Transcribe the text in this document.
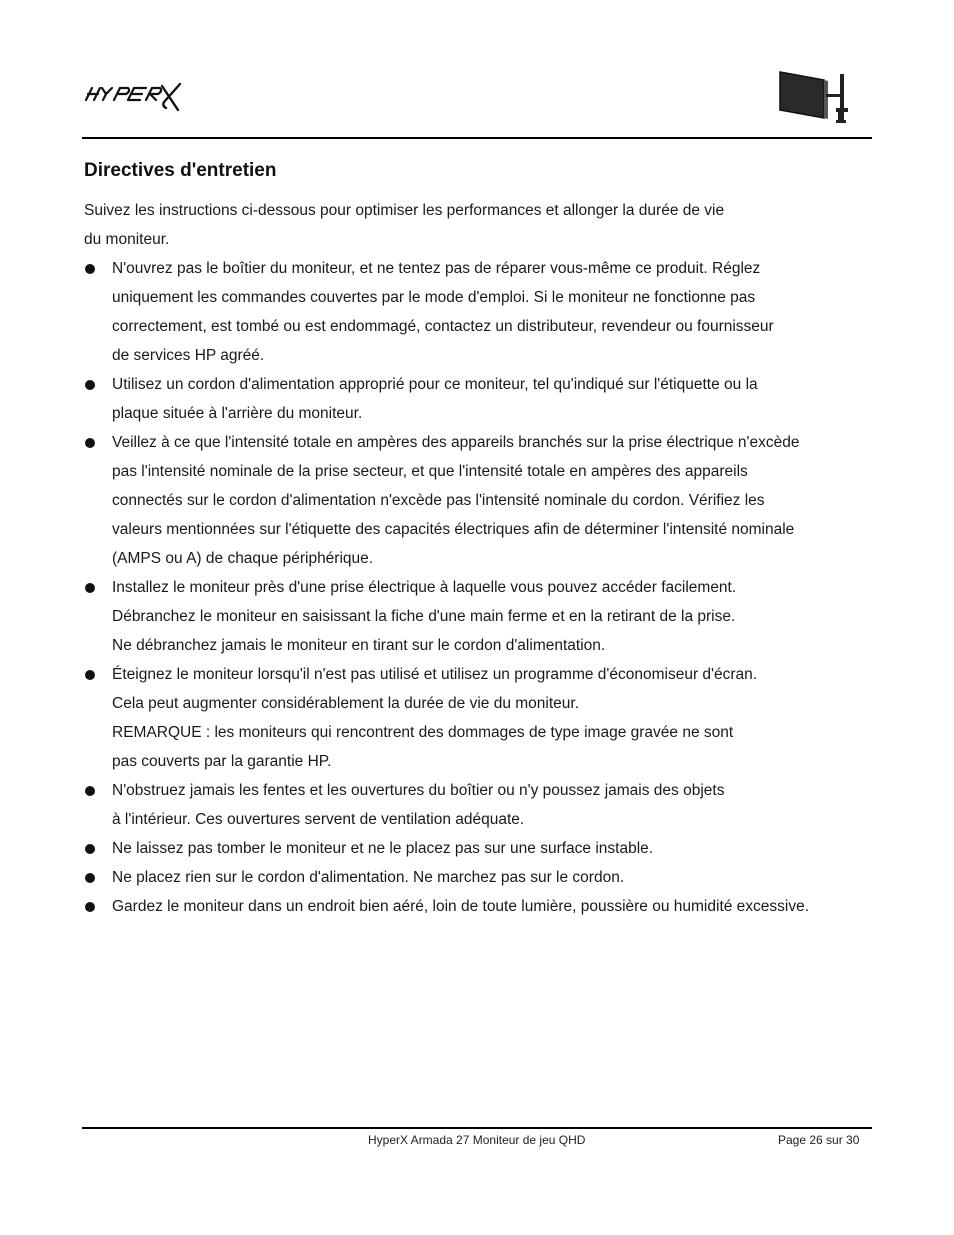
Directives d'entretien

Suivez les instructions ci-dessous pour optimiser les performances et allonger la durée de vie
du moniteur.

N'ouvrez pas le boîtier du moniteur, et ne tentez pas de réparer vous-même ce produit. Réglez
uniquement les commandes couvertes par le mode d'emploi. Si le moniteur ne fonctionne pas
correctement, est tombé ou est endommagé, contactez un distributeur, revendeur ou fournisseur
de services HP agréé.
Utilisez un cordon d'alimentation approprié pour ce moniteur, tel qu'indiqué sur l'étiquette ou la
plaque située à l'arrière du moniteur.
Veillez à ce que l'intensité totale en ampères des appareils branchés sur la prise électrique n'excède
pas l'intensité nominale de la prise secteur, et que l'intensité totale en ampères des appareils
connectés sur le cordon d'alimentation n'excède pas l'intensité nominale du cordon. Vérifiez les
valeurs mentionnées sur l'étiquette des capacités électriques afin de déterminer l'intensité nominale
(AMPS ou A) de chaque périphérique.
Installez le moniteur près d'une prise électrique à laquelle vous pouvez accéder facilement.
Débranchez le moniteur en saisissant la fiche d'une main ferme et en la retirant de la prise.
Ne débranchez jamais le moniteur en tirant sur le cordon d'alimentation.
Éteignez le moniteur lorsqu'il n'est pas utilisé et utilisez un programme d'économiseur d'écran.
Cela peut augmenter considérablement la durée de vie du moniteur.
REMARQUE : les moniteurs qui rencontrent des dommages de type image gravée ne sont
pas couverts par la garantie HP.
N'obstruez jamais les fentes et les ouvertures du boîtier ou n'y poussez jamais des objets
à l'intérieur. Ces ouvertures servent de ventilation adéquate.
Ne laissez pas tomber le moniteur et ne le placez pas sur une surface instable.
Ne placez rien sur le cordon d'alimentation. Ne marchez pas sur le cordon.
Gardez le moniteur dans un endroit bien aéré, loin de toute lumière, poussière ou humidité excessive.
HyperX Armada 27 Moniteur de jeu QHD	Page 26 sur 30
